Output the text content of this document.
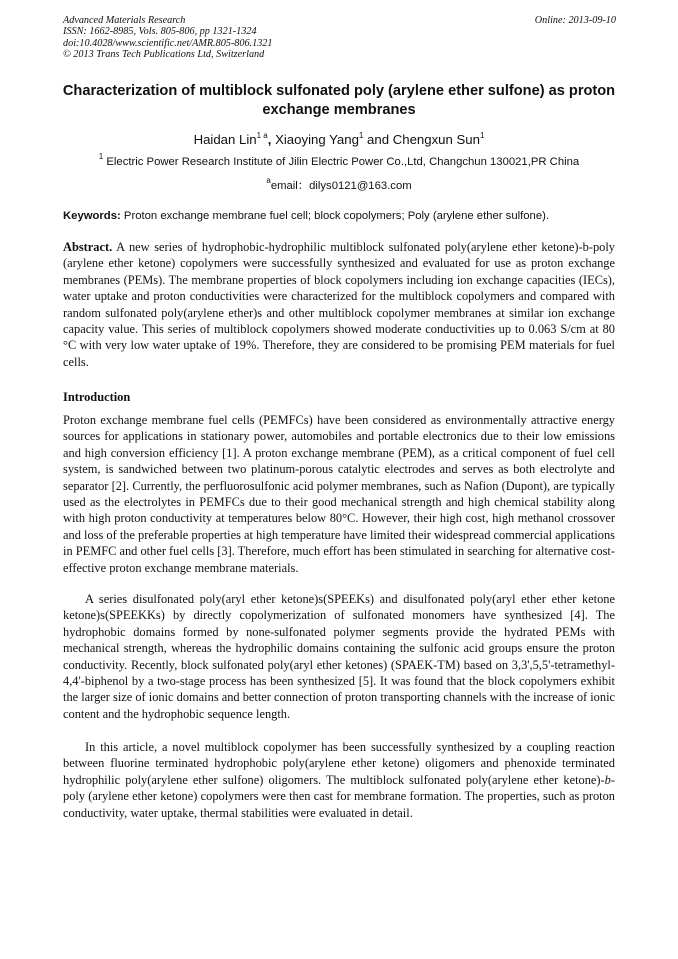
Advanced Materials Research
ISSN: 1662-8985, Vols. 805-806, pp 1321-1324
doi:10.4028/www.scientific.net/AMR.805-806.1321
© 2013 Trans Tech Publications Ltd, Switzerland
Online: 2013-09-10
Characterization of multiblock sulfonated poly (arylene ether sulfone) as proton exchange membranes
Haidan Lin$^{1 a}$, Xiaoying Yang$^1$ and Chengxun Sun$^1$
$^1$ Electric Power Research Institute of Jilin Electric Power Co.,Ltd, Changchun 130021,PR China
$^a$email：dilys0121@163.com
Keywords: Proton exchange membrane fuel cell; block copolymers; Poly (arylene ether sulfone).

Abstract. A new series of hydrophobic-hydrophilic multiblock sulfonated poly(arylene ether ketone)-b-poly (arylene ether ketone) copolymers were successfully synthesized and evaluated for use as proton exchange membranes (PEMs). The membrane properties of block copolymers including ion exchange capacities (IECs), water uptake and proton conductivities were characterized for the multiblock copolymers and compared with random sulfonated poly(arylene ether)s and other multiblock copolymer membranes at similar ion exchange capacity value. This series of multiblock copolymers showed moderate conductivities up to 0.063 S/cm at 80 °C with very low water uptake of 19%. Therefore, they are considered to be promising PEM materials for fuel cells.

Introduction

Proton exchange membrane fuel cells (PEMFCs) have been considered as environmentally attractive energy sources for applications in stationary power, automobiles and portable electronics due to their low emissions and high conversion efficiency [1]. A proton exchange membrane (PEM), as a critical component of fuel cell system, is sandwiched between two platinum-porous catalytic electrodes and serves as both electrolyte and separator [2]. Currently, the perfluorosulfonic acid polymer membranes, such as Nafion (Dupont), are typically used as the electrolytes in PEMFCs due to their good mechanical strength and high chemical stability along with high proton conductivity at temperatures below 80°C. However, their high cost, high methanol crossover and loss of the preferable properties at high temperature have limited their widespread commercial applications in PEMFC and other fuel cells [3]. Therefore, much effort has been stimulated in searching for alternative cost-effective proton exchange membrane materials.

A series disulfonated poly(aryl ether ketone)s(SPEEKs) and disulfonated poly(aryl ether ether ketone ketone)s(SPEEKKs) by directly copolymerization of sulfonated monomers have synthesized [4]. The hydrophobic domains formed by none-sulfonated polymer segments provide the hydrated PEMs with mechanical strength, whereas the hydrophilic domains containing the sulfonic acid groups ensure the proton conductivity. Recently, block sulfonated poly(aryl ether ketones) (SPAEK-TM) based on 3,3',5,5'-tetramethyl-4,4'-biphenol by a two-stage process has been synthesized [5]. It was found that the block copolymers exhibit the larger size of ionic domains and better connection of proton transporting channels with the increase of ionic content and the hydrophobic sequence length.

In this article, a novel multiblock copolymer has been successfully synthesized by a coupling reaction between fluorine terminated hydrophobic poly(arylene ether ketone) oligomers and phenoxide terminated hydrophilic poly(arylene ether sulfone) oligomers. The multiblock sulfonated poly(arylene ether ketone)-b-poly (arylene ether ketone) copolymers were then cast for membrane formation. The properties, such as proton conductivity, water uptake, thermal stabilities were evaluated in detail.
